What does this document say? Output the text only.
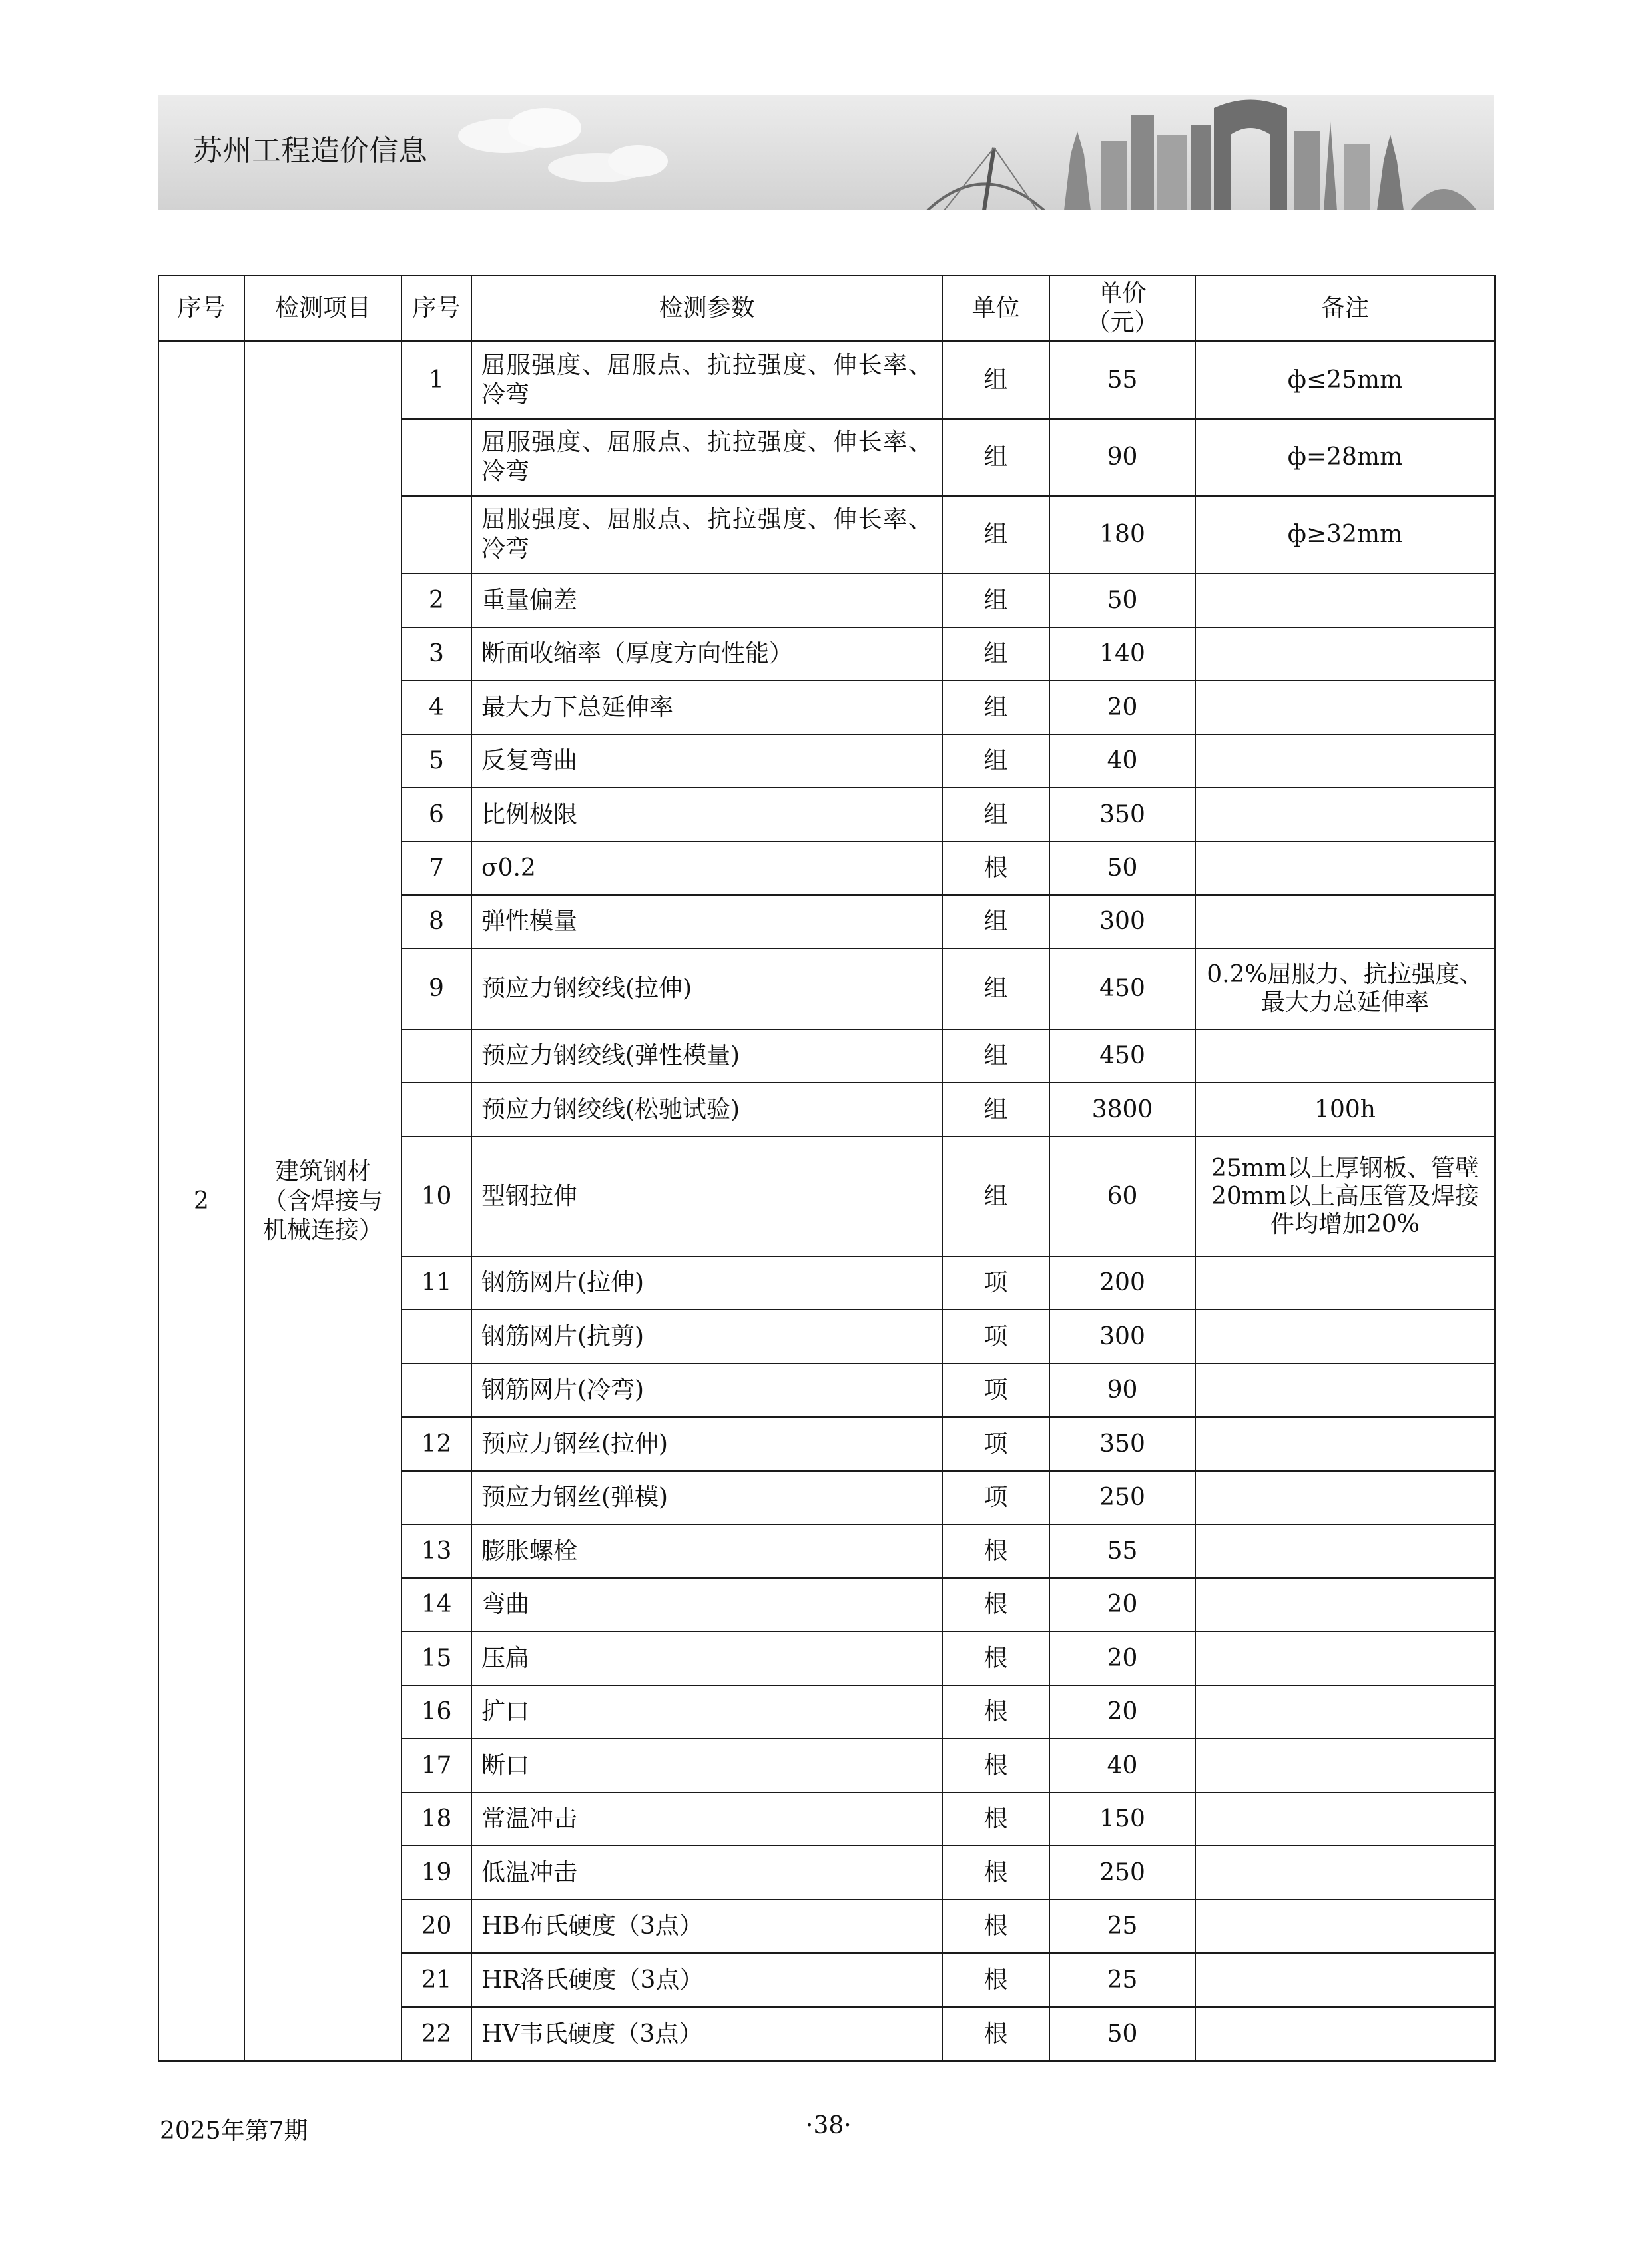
苏州工程造价信息
序号	检测项目	序号	检测参数	单位	单价（元）	备注
2	建筑钢材（含焊接与机械连接）	1	屈服强度、屈服点、抗拉强度、伸长率、冷弯	组	55	ф≤25mm
			屈服强度、屈服点、抗拉强度、伸长率、冷弯	组	90	ф=28mm
			屈服强度、屈服点、抗拉强度、伸长率、冷弯	组	180	ф≥32mm
		2	重量偏差	组	50	
		3	断面收缩率（厚度方向性能）	组	140	
		4	最大力下总延伸率	组	20	
		5	反复弯曲	组	40	
		6	比例极限	组	350	
		7	σ0.2	根	50	
		8	弹性模量	组	300	
		9	预应力钢绞线(拉伸)	组	450	0.2%屈服力、抗拉强度、最大力总延伸率
			预应力钢绞线(弹性模量)	组	450	
			预应力钢绞线(松驰试验)	组	3800	100h
		10	型钢拉伸	组	60	25mm以上厚钢板、管壁20mm以上高压管及焊接件均增加20%
		11	钢筋网片(拉伸)	项	200	
			钢筋网片(抗剪)	项	300	
			钢筋网片(冷弯)	项	90	
		12	预应力钢丝(拉伸)	项	350	
			预应力钢丝(弹模)	项	250	
		13	膨胀螺栓	根	55	
		14	弯曲	根	20	
		15	压扁	根	20	
		16	扩口	根	20	
		17	断口	根	40	
		18	常温冲击	根	150	
		19	低温冲击	根	250	
		20	HB布氏硬度（3点）	根	25	
		21	HR洛氏硬度（3点）	根	25	
		22	HV韦氏硬度（3点）	根	50	
2025年第7期	·38·
